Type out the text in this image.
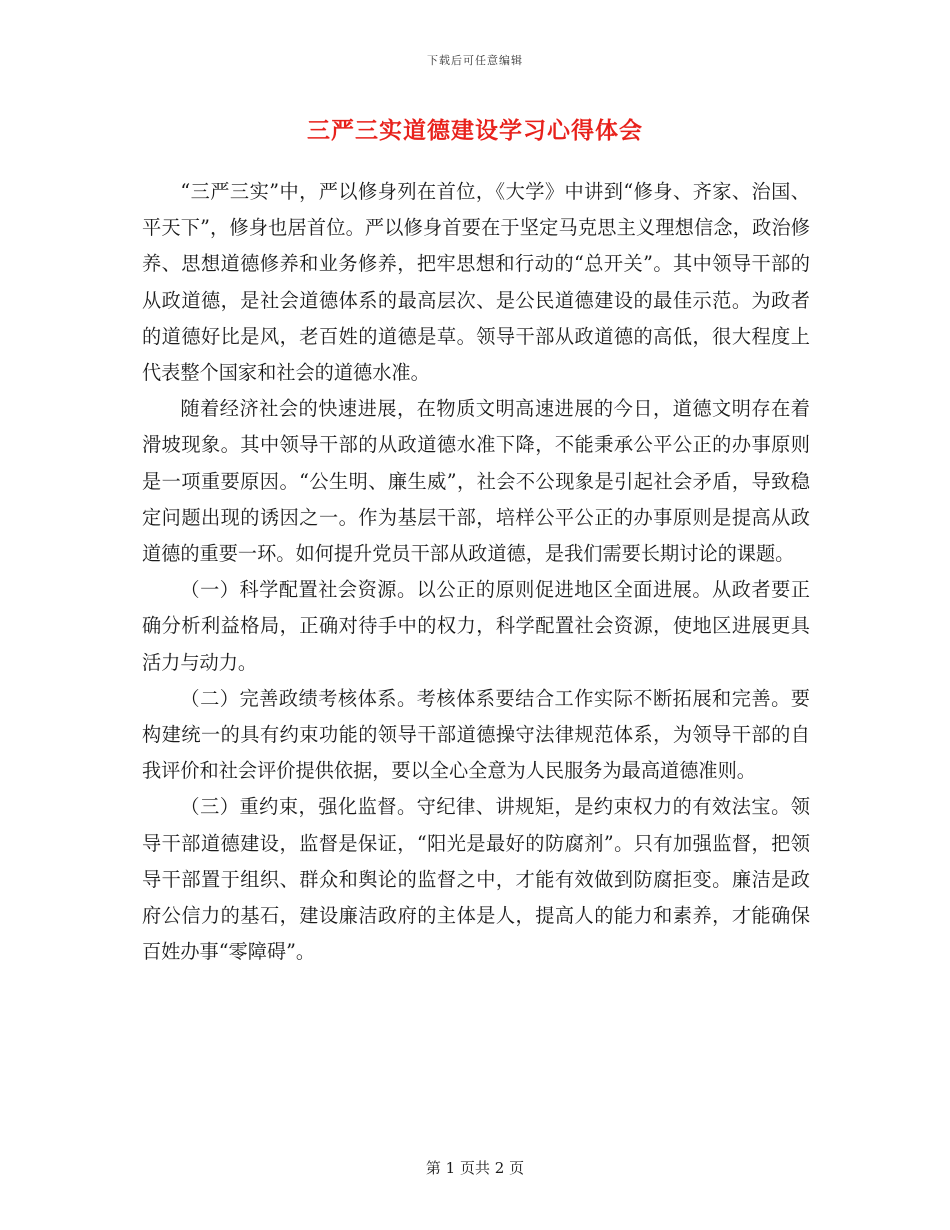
下载后可任意编辑
三严三实道德建设学习心得体会

“三严三实”中，严以修身列在首位，《大学》中讲到“修身、齐家、治国、平天下”，修身也居首位。严以修身首要在于坚定马克思主义理想信念，政治修养、思想道德修养和业务修养，把牢思想和行动的“总开关”。其中领导干部的从政道德，是社会道德体系的最高层次、是公民道德建设的最佳示范。为政者的道德好比是风，老百姓的道德是草。领导干部从政道德的高低，很大程度上代表整个国家和社会的道德水准。

随着经济社会的快速进展，在物质文明高速进展的今日，道德文明存在着滑坡现象。其中领导干部的从政道德水准下降，不能秉承公平公正的办事原则是一项重要原因。“公生明、廉生威”，社会不公现象是引起社会矛盾，导致稳定问题出现的诱因之一。作为基层干部，培样公平公正的办事原则是提高从政道德的重要一环。如何提升党员干部从政道德，是我们需要长期讨论的课题。

（一）科学配置社会资源。以公正的原则促进地区全面进展。从政者要正确分析利益格局，正确对待手中的权力，科学配置社会资源，使地区进展更具活力与动力。

（二）完善政绩考核体系。考核体系要结合工作实际不断拓展和完善。要构建统一的具有约束功能的领导干部道德操守法律规范体系，为领导干部的自我评价和社会评价提供依据，要以全心全意为人民服务为最高道德准则。

（三）重约束，强化监督。守纪律、讲规矩，是约束权力的有效法宝。领导干部道德建设，监督是保证，“阳光是最好的防腐剂”。只有加强监督，把领导干部置于组织、群众和舆论的监督之中，才能有效做到防腐拒变。廉洁是政府公信力的基石，建设廉洁政府的主体是人，提高人的能力和素养，才能确保百姓办事“零障碍”。

第 1 页共 2 页
